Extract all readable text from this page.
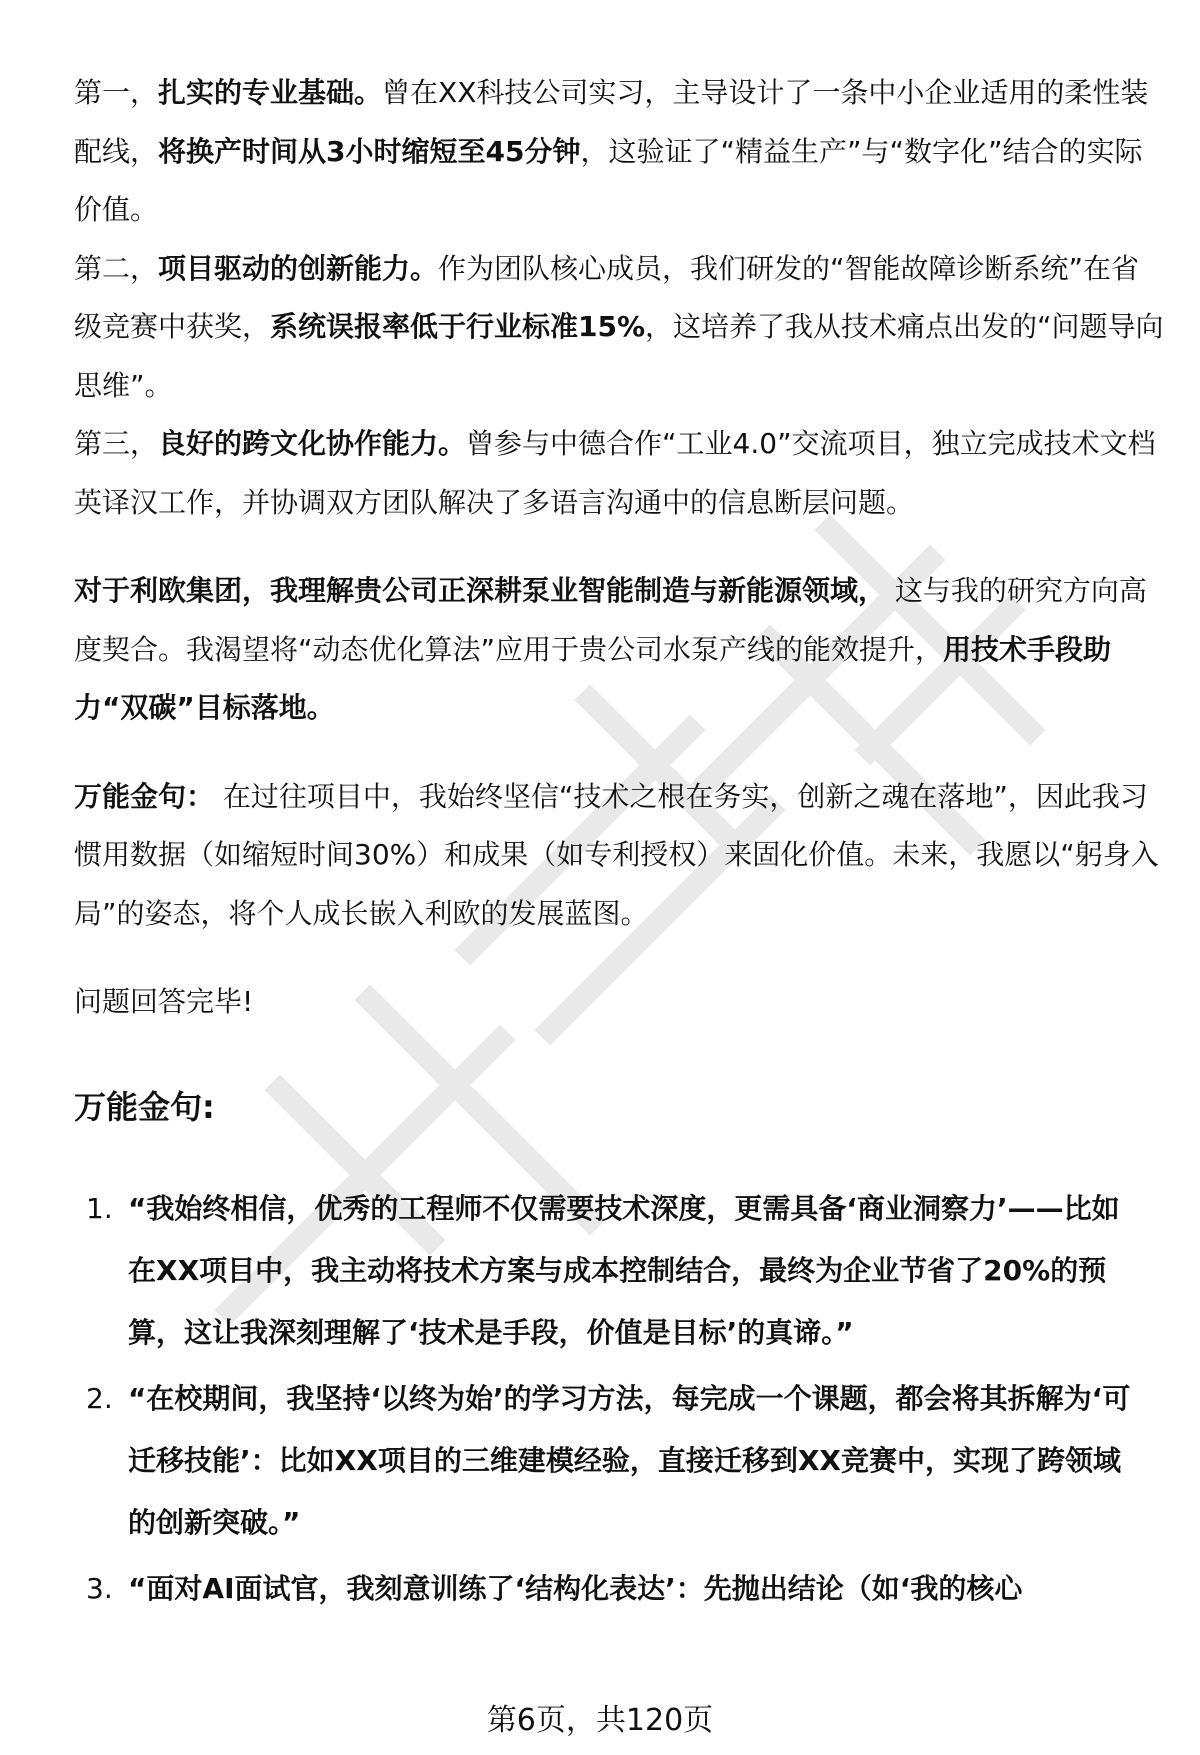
第一，扎实的专业基础。曾在XX科技公司实习，主导设计了一条中小企业适用的柔性装配线，将换产时间从3小时缩短至45分钟，这验证了“精益生产”与“数字化”结合的实际价值。

第二，项目驱动的创新能力。作为团队核心成员，我们研发的“智能故障诊断系统”在省级竞赛中获奖，系统误报率低于行业标准15%，这培养了我从技术痛点出发的“问题导向思维”。

第三，良好的跨文化协作能力。曾参与中德合作“工业4.0”交流项目，独立完成技术文档英译汉工作，并协调双方团队解决了多语言沟通中的信息断层问题。

对于利欧集团，我理解贵公司正深耕泵业智能制造与新能源领域， 这与我的研究方向高度契合。我渴望将“动态优化算法”应用于贵公司水泵产线的能效提升，用技术手段助力“双碳”目标落地。

万能金句： 在过往项目中，我始终坚信“技术之根在务实，创新之魂在落地”，因此我习惯用数据（如缩短时间30%）和成果（如专利授权）来固化价值。未来，我愿以“躬身入局”的姿态，将个人成长嵌入利欧的发展蓝图。

问题回答完毕!

万能金句:
1. “我始终相信，优秀的工程师不仅需要技术深度，更需具备‘商业洞察力’——比如在XX项目中，我主动将技术方案与成本控制结合，最终为企业节省了20%的预算，这让我深刻理解了‘技术是手段，价值是目标’的真谛。”
2. “在校期间，我坚持‘以终为始’的学习方法，每完成一个课题，都会将其拆解为‘可迁移技能’：比如XX项目的三维建模经验，直接迁移到XX竞赛中，实现了跨领域的创新突破。”
3. “面对AI面试官，我刻意训练了‘结构化表达’：先抛出结论（如‘我的核心
第6页，共120页
